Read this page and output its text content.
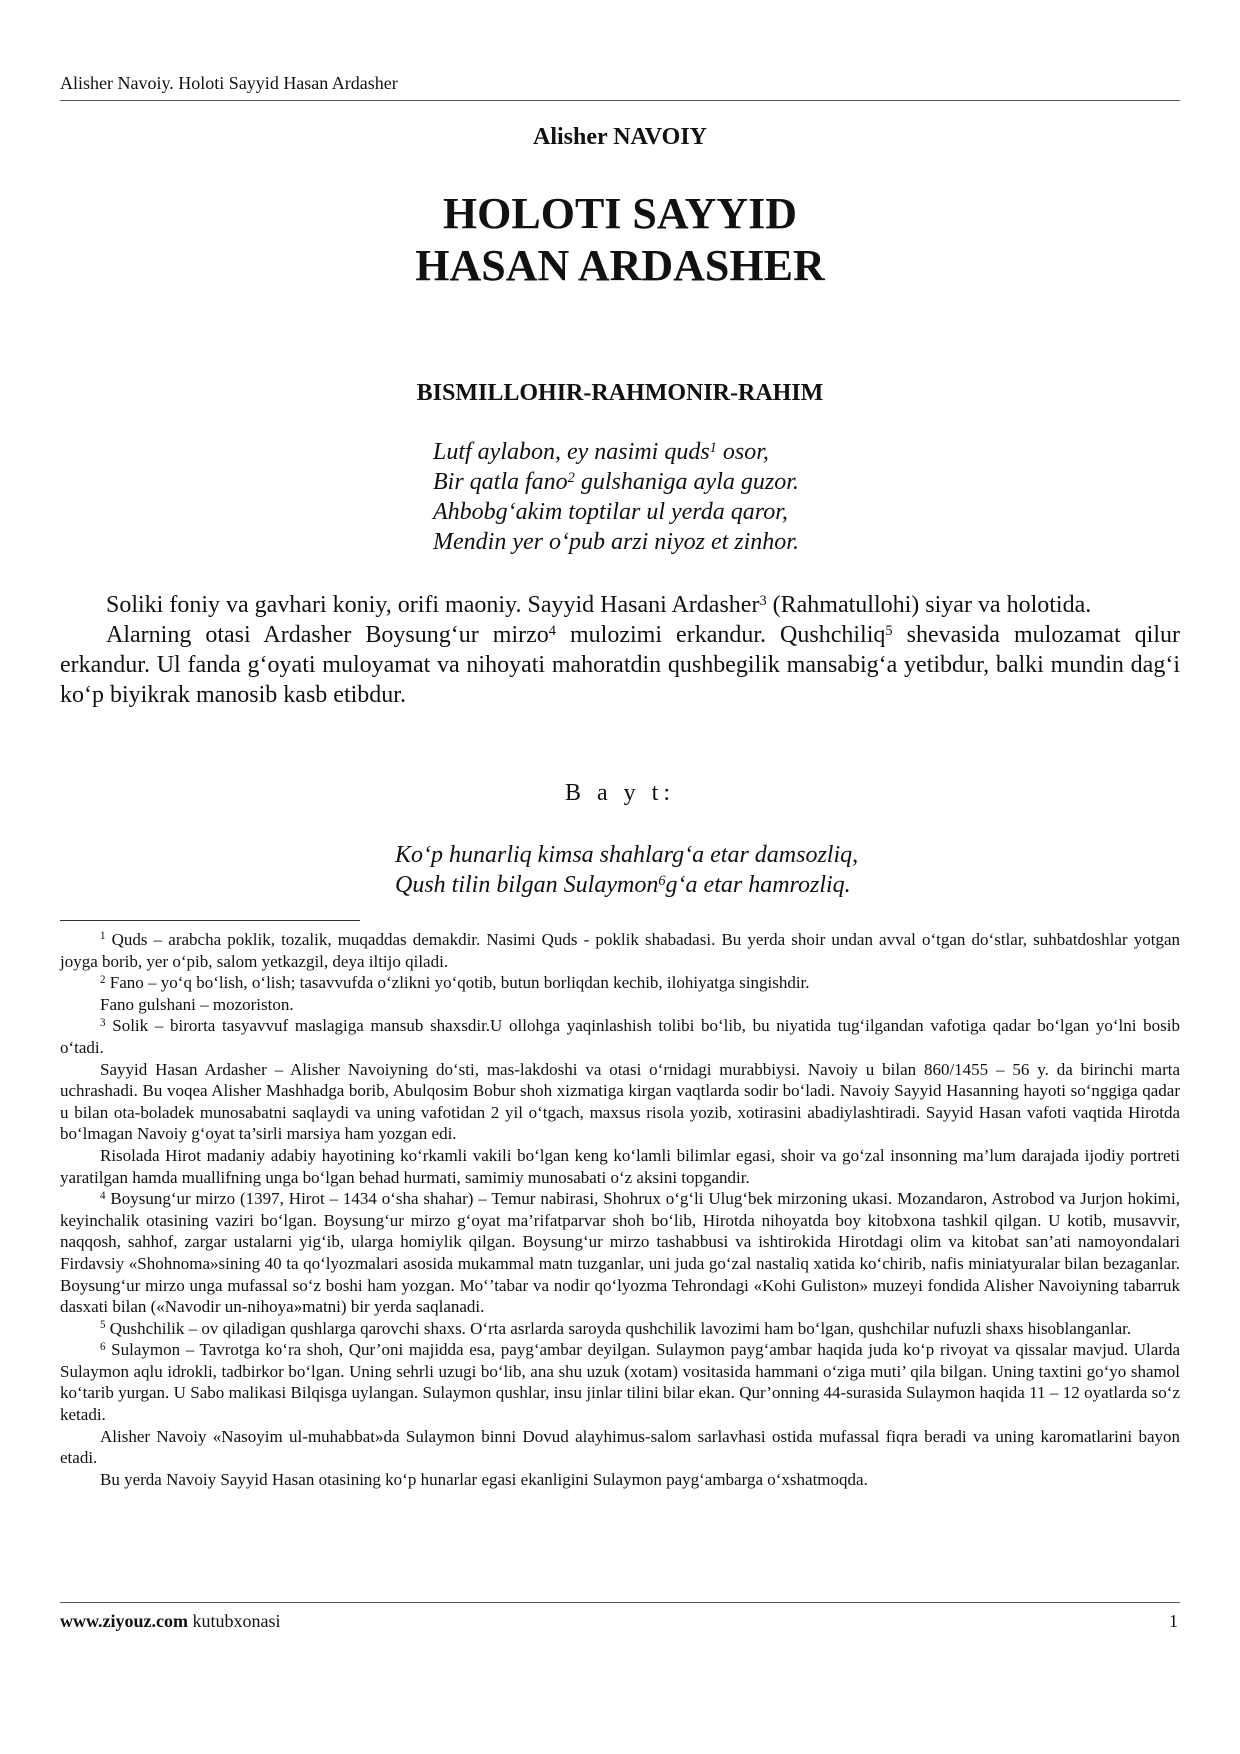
Alisher Navoiy. Holoti Sayyid Hasan Ardasher
Alisher NAVOIY
HOLOTI SAYYID
HASAN ARDASHER
BISMILLOHIR-RAHMONIR-RAHIM
Lutf aylabon, ey nasimi quds$^1$ osor,
Bir qatla fano$^2$ gulshaniga ayla guzor.
Ahbobg‘akim toptilar ul yerda qaror,
Mendin yer o‘pub arzi niyoz et zinhor.

Soliki foniy va gavhari koniy, orifi maoniy. Sayyid Hasani Ardasher$^3$ (Rahmatullohi) siyar va holotida.

Alarning otasi Ardasher Boysung‘ur mirzo$^4$ mulozimi erkandur. Qushchiliq$^5$ shevasida mulozamat qilur erkandur. Ul fanda g‘oyati muloyamat va nihoyati mahoratdin qushbegilik mansabig‘a yetibdur, balki mundin dag‘i ko‘p biyikrak manosib kasb etibdur.

B a y t:
Ko‘p hunarliq kimsa shahlarg‘a etar damsozliq,
Qush tilin bilgan Sulaymon$^6$g‘a etar hamrozliq.

$^1$ Quds – arabcha poklik, tozalik, muqaddas demakdir. Nasimi Quds - poklik shabadasi. Bu yerda shoir undan avval o‘tgan do‘stlar, suhbatdoshlar yotgan joyga borib, yer o‘pib, salom yetkazgil, deya iltijo qiladi.

$^2$ Fano – yo‘q bo‘lish, o‘lish; tasavvufda o‘zlikni yo‘qotib, butun borliqdan kechib, ilohiyatga singishdir.

Fano gulshani – mozoriston.

$^3$ Solik – birorta tasyavvuf maslagiga mansub shaxsdir.U ollohga yaqinlashish tolibi bo‘lib, bu niyatida tug‘ilgandan vafotiga qadar bo‘lgan yo‘lni bosib o‘tadi.

Sayyid Hasan Ardasher – Alisher Navoiyning do‘sti, mas-lakdoshi va otasi o‘rnidagi murabbiysi. Navoiy u bilan 860/1455 – 56 y. da birinchi marta uchrashadi. Bu voqea Alisher Mashhadga borib, Abulqosim Bobur shoh xizmatiga kirgan vaqtlarda sodir bo‘ladi. Navoiy Sayyid Hasanning hayoti so‘nggiga qadar u bilan ota-boladek munosabatni saqlaydi va uning vafotidan 2 yil o‘tgach, maxsus risola yozib, xotirasini abadiylashtiradi. Sayyid Hasan vafoti vaqtida Hirotda bo‘lmagan Navoiy g‘oyat ta’sirli marsiya ham yozgan edi.

Risolada Hirot madaniy adabiy hayotining ko‘rkamli vakili bo‘lgan keng ko‘lamli bilimlar egasi, shoir va go‘zal insonning ma’lum darajada ijodiy portreti yaratilgan hamda muallifning unga bo‘lgan behad hurmati, samimiy munosabati o‘z aksini topgandir.

$^4$ Boysung‘ur mirzo (1397, Hirot – 1434 o‘sha shahar) – Temur nabirasi, Shohrux o‘g‘li Ulug‘bek mirzoning ukasi. Mozandaron, Astrobod va Jurjon hokimi, keyinchalik otasining vaziri bo‘lgan. Boysung‘ur mirzo g‘oyat ma’rifatparvar shoh bo‘lib, Hirotda nihoyatda boy kitobxona tashkil qilgan. U kotib, musavvir, naqqosh, sahhof, zargar ustalarni yig‘ib, ularga homiylik qilgan. Boysung‘ur mirzo tashabbusi va ishtirokida Hirotdagi olim va kitobat san’ati namoyondalari Firdavsiy «Shohnoma»sining 40 ta qo‘lyozmalari asosida mukammal matn tuzganlar, uni juda go‘zal nastaliq xatida ko‘chirib, nafis miniatyuralar bilan bezaganlar. Boysung‘ur mirzo unga mufassal so‘z boshi ham yozgan. Mo‘’tabar va nodir qo‘lyozma Tehrondagi «Kohi Guliston» muzeyi fondida Alisher Navoiyning tabarruk dasxati bilan («Navodir un-nihoya»matni) bir yerda saqlanadi.

$^5$ Qushchilik – ov qiladigan qushlarga qarovchi shaxs. O‘rta asrlarda saroyda qushchilik lavozimi ham bo‘lgan, qushchilar nufuzli shaxs hisoblanganlar.

$^6$ Sulaymon – Tavrotga ko‘ra shoh, Qur’oni majidda esa, payg‘ambar deyilgan. Sulaymon payg‘ambar haqida juda ko‘p rivoyat va qissalar mavjud. Ularda Sulaymon aqlu idrokli, tadbirkor bo‘lgan. Uning sehrli uzugi bo‘lib, ana shu uzuk (xotam) vositasida hammani o‘ziga muti’ qila bilgan. Uning taxtini go‘yo shamol ko‘tarib yurgan. U Sabo malikasi Bilqisga uylangan. Sulaymon qushlar, insu jinlar tilini bilar ekan. Qur’onning 44-surasida Sulaymon haqida 11 – 12 oyatlarda so‘z ketadi.

Alisher Navoiy «Nasoyim ul-muhabbat»da Sulaymon binni Dovud alayhimus-salom sarlavhasi ostida mufassal fiqra beradi va uning karomatlarini bayon etadi.

Bu yerda Navoiy Sayyid Hasan otasining ko‘p hunarlar egasi ekanligini Sulaymon payg‘ambarga o‘xshatmoqda.

www.ziyouz.com kutubxonasi	1
